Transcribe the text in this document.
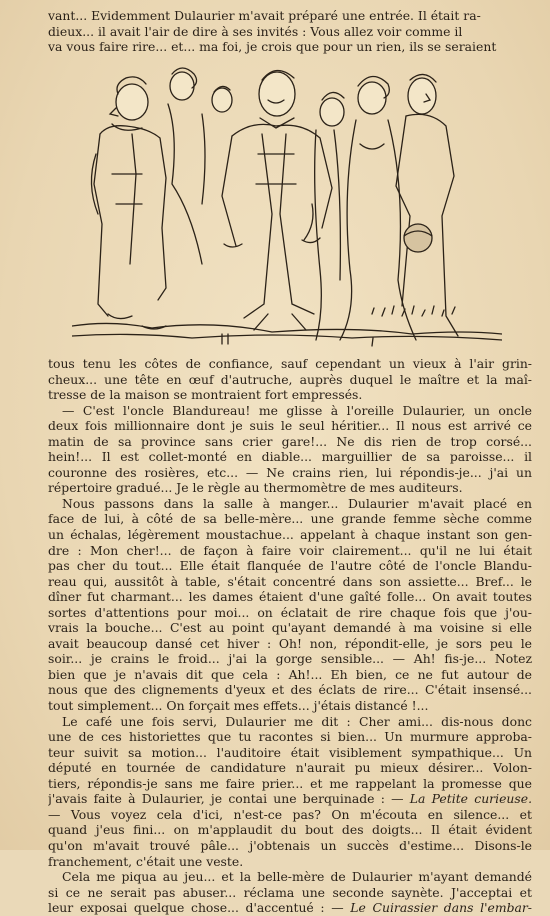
vant... Evidemment Dulaurier m'avait préparé une entrée. Il était ra-
dieux... il avait l'air de dire à ses invités : Vous allez voir comme il
va vous faire rire... et... ma foi, je crois que pour un rien, ils se seraient
tous tenu les côtes de confiance, sauf cependant un vieux à l'air grin-
cheux... une tête en œuf d'autruche, auprès duquel le maître et la maî-
tresse de la maison se montraient fort empressés.
— C'est l'oncle Blandureau! me glisse à l'oreille Dulaurier, un oncle
deux fois millionnaire dont je suis le seul héritier... Il nous est arrivé ce
matin de sa province sans crier gare!... Ne dis rien de trop corsé...
hein!... Il est collet-monté en diable... marguillier de sa paroisse... il
couronne des rosières, etc... — Ne crains rien, lui répondis-je... j'ai un
répertoire gradué... Je le règle au thermomètre de mes auditeurs.
Nous passons dans la salle à manger... Dulaurier m'avait placé en
face de lui, à côté de sa belle-mère... une grande femme sèche comme
un échalas, légèrement moustachue... appelant à chaque instant son gen-
dre : Mon cher!... de façon à faire voir clairement... qu'il ne lui était
pas cher du tout... Elle était flanquée de l'autre côté de l'oncle Blandu-
reau qui, aussitôt à table, s'était concentré dans son assiette... Bref... le
dîner fut charmant... les dames étaient d'une gaîté folle... On avait toutes
sortes d'attentions pour moi... on éclatait de rire chaque fois que j'ou-
vrais la bouche... C'est au point qu'ayant demandé à ma voisine si elle
avait beaucoup dansé cet hiver : Oh! non, répondit-elle, je sors peu le
soir... je crains le froid... j'ai la gorge sensible... — Ah! fis-je... Notez
bien que je n'avais dit que cela : Ah!... Eh bien, ce ne fut autour de
nous que des clignements d'yeux et des éclats de rire... C'était insensé...
tout simplement... On forçait mes effets... j'étais distancé !...
Le café une fois servi, Dulaurier me dit : Cher ami... dis-nous donc
une de ces historiettes que tu racontes si bien... Un murmure approba-
teur suivit sa motion... l'auditoire était visiblement sympathique... Un
député en tournée de candidature n'aurait pu mieux désirer... Volon-
tiers, répondis-je sans me faire prier... et me rappelant la promesse que
j'avais faite à Dulaurier, je contai une berquinade : — La Petite curieuse.
— Vous voyez cela d'ici, n'est-ce pas? On m'écouta en silence... et
quand j'eus fini... on m'applaudit du bout des doigts... Il était évident
qu'on m'avait trouvé pâle... j'obtenais un succès d'estime... Disons-le
franchement, c'était une veste.
Cela me piqua au jeu... et la belle-mère de Dulaurier m'ayant demandé
si ce ne serait pas abuser... réclama une seconde saynète. J'acceptai et
leur exposai quelque chose... d'accentué : — Le Cuirassier dans l'embar-
